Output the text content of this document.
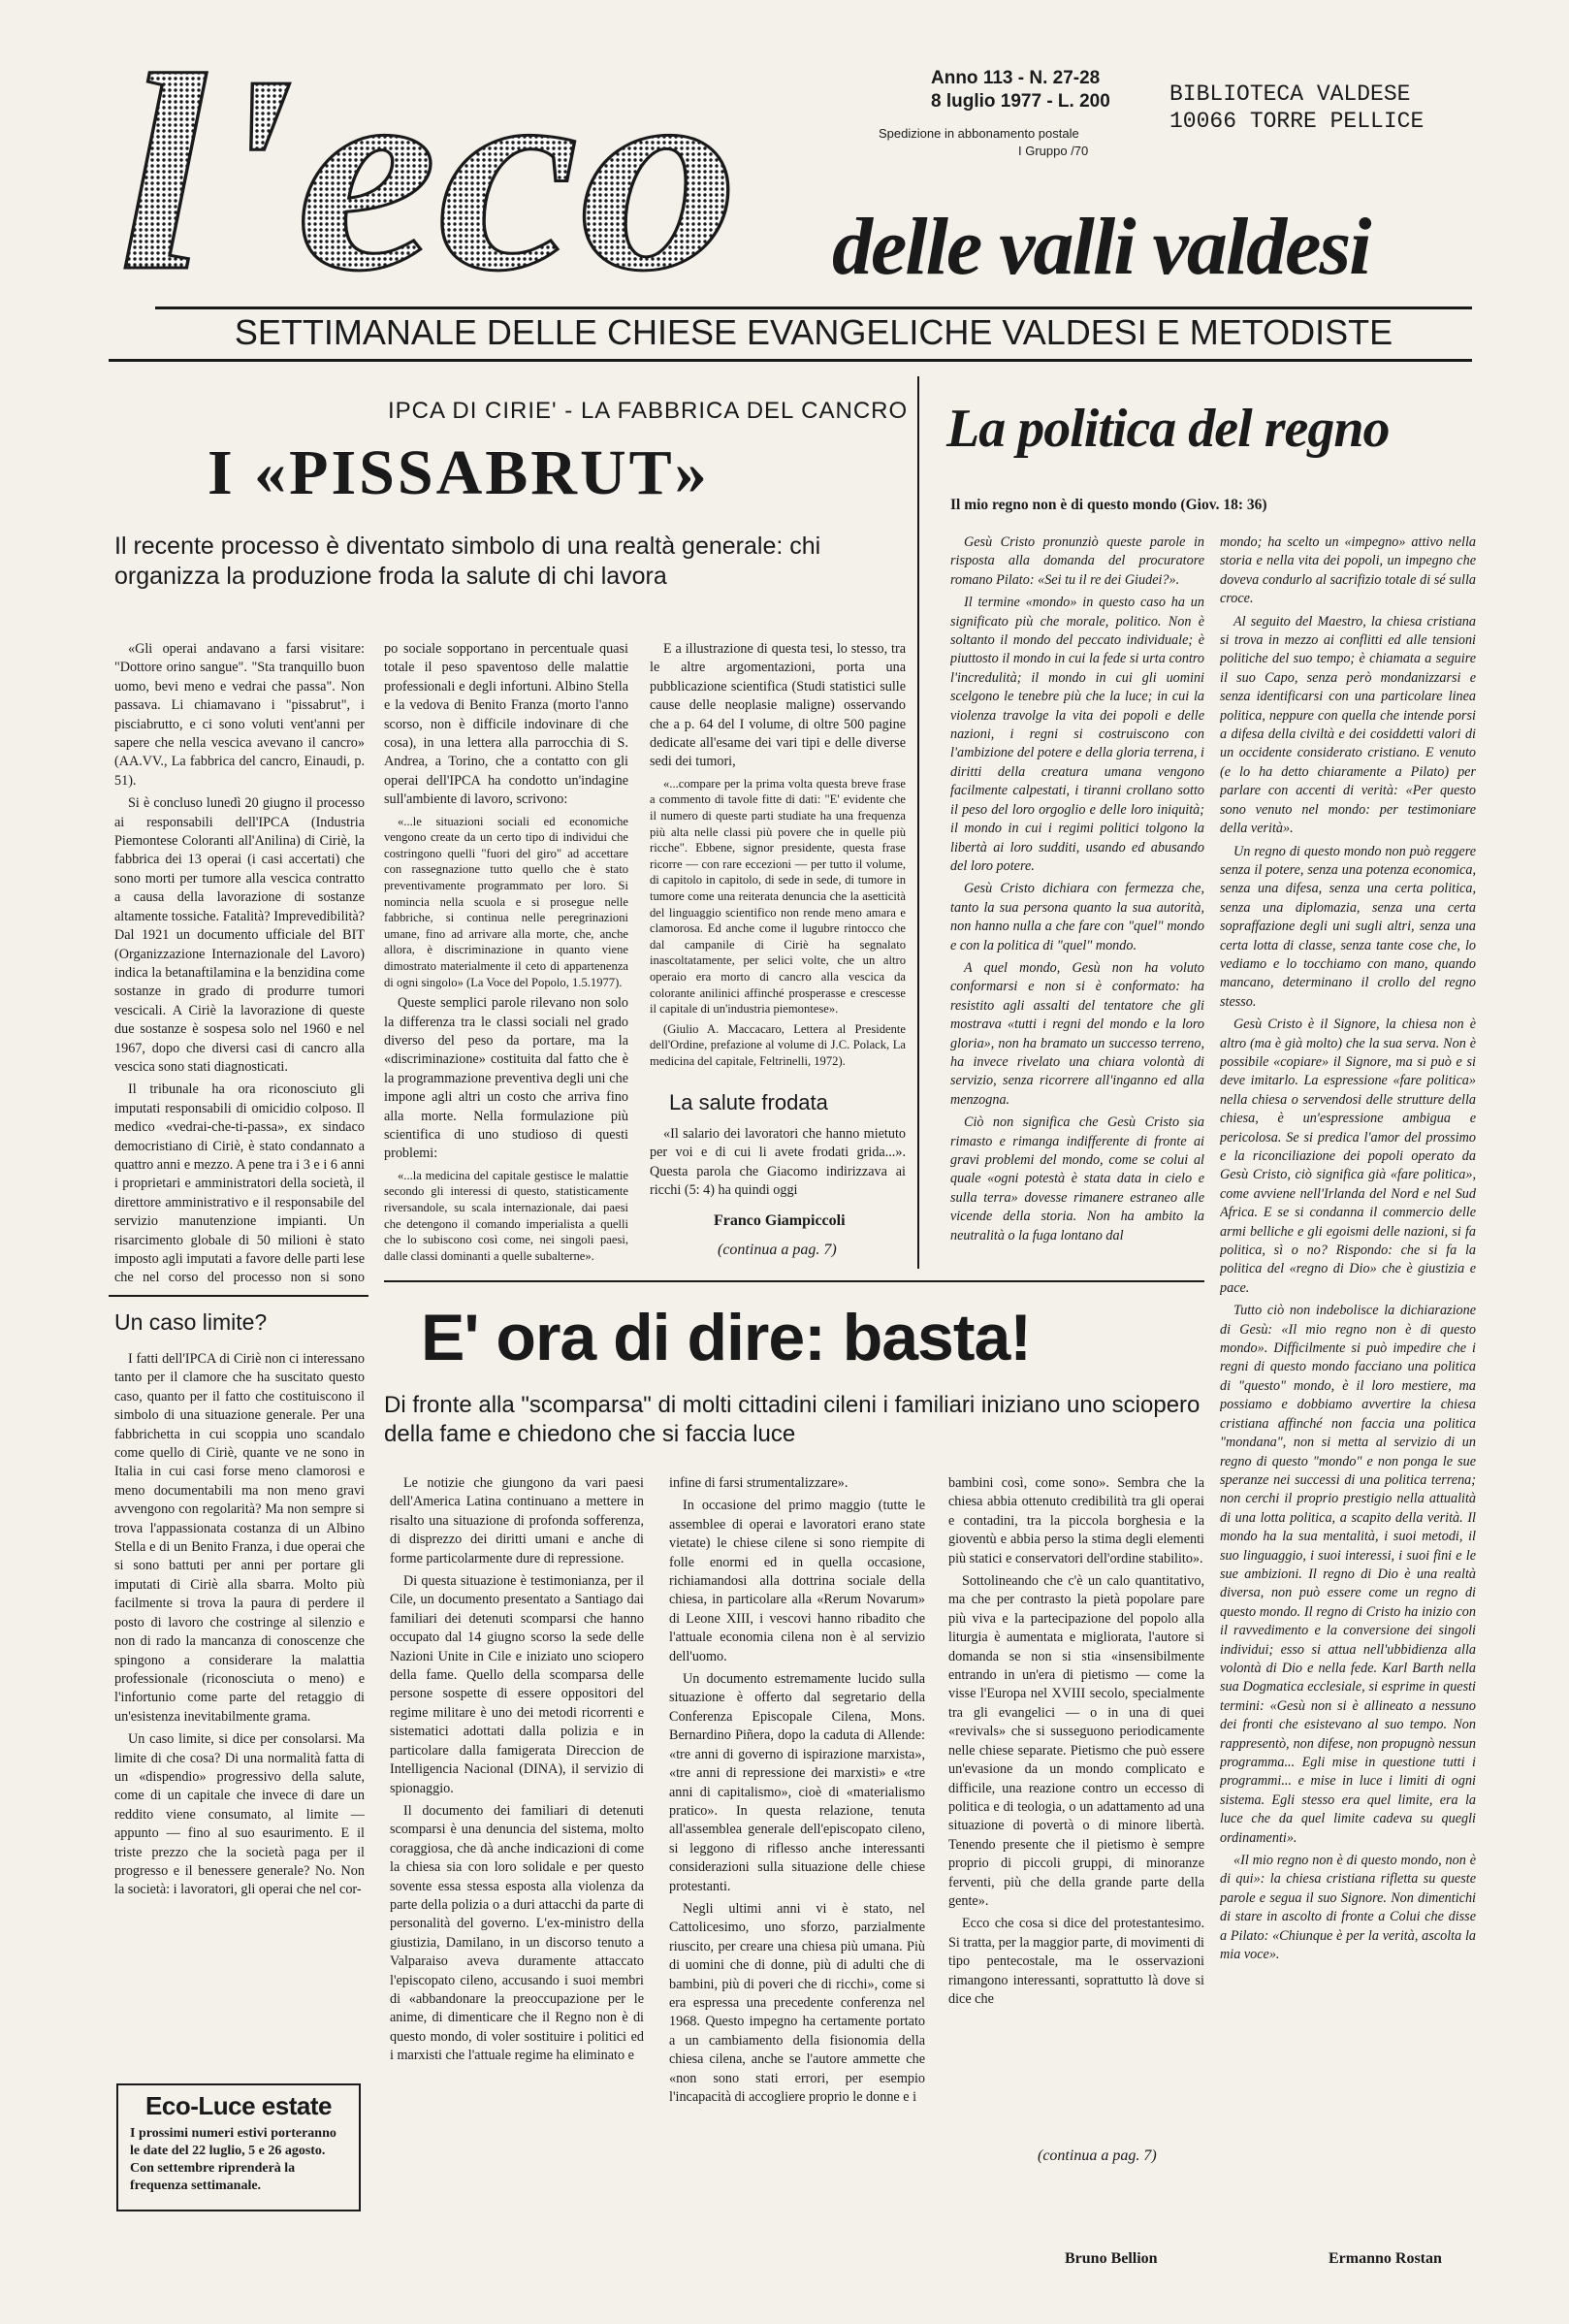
l'eco delle valli valdesi
Anno 113 - N. 27-28
8 luglio 1977 - L. 200
Spedizione in abbonamento postale
I Gruppo /70
BIBLIOTECA VALDESE
10066 TORRE PELLICE
SETTIMANALE DELLE CHIESE EVANGELICHE VALDESI E METODISTE
IPCA DI CIRIE' - LA FABBRICA DEL CANCRO
I «PISSABRUT»
Il recente processo è diventato simbolo di una realtà generale: chi organizza la produzione froda la salute di chi lavora

«Gli operai andavano a farsi visitare: "Dottore orino sangue". "Sta tranquillo buon uomo, bevi meno e vedrai che passa". Non passava. Li chiamavano i "pissabrut", i pisciabrutto, e ci sono voluti vent'anni per sapere che nella vescica avevano il cancro» (AA.VV., La fabbrica del cancro, Einaudi, p. 51).

Si è concluso lunedì 20 giugno il processo ai responsabili dell'IPCA (Industria Piemontese Coloranti all'Anilina) di Ciriè, la fabbrica dei 13 operai (i casi accertati) che sono morti per tumore alla vescica contratto a causa della lavorazione di sostanze altamente tossiche. Fatalità? Imprevedibilità? Dal 1921 un documento ufficiale del BIT (Organizzazione Internazionale del Lavoro) indica la betanaftilamina e la benzidina come sostanze in grado di produrre tumori vescicali. A Ciriè la lavorazione di queste due sostanze è sospesa solo nel 1960 e nel 1967, dopo che diversi casi di cancro alla vescica sono stati diagnosticati.

Il tribunale ha ora riconosciuto gli imputati responsabili di omicidio colposo. Il medico «vedrai-che-ti-passa», ex sindaco democristiano di Ciriè, è stato condannato a quattro anni e mezzo. A pene tra i 3 e i 6 anni i proprietari e amministratori della società, il direttore amministrativo e il responsabile del servizio manutenzione impianti. Un risarcimento globale di 50 milioni è stato imposto agli imputati a favore delle parti lese che nel corso del processo non si sono

po sociale sopportano in percentuale quasi totale il peso spaventoso delle malattie professionali e degli infortuni. Albino Stella e la vedova di Benito Franza (morto l'anno scorso, non è difficile indovinare di che cosa), in una lettera alla parrocchia di S. Andrea, a Torino, che a contatto con gli operai dell'IPCA ha condotto un'indagine sull'ambiente di lavoro, scrivono:

«...le situazioni sociali ed economiche vengono create da un certo tipo di individui che costringono quelli "fuori del giro" ad accettare con rassegnazione tutto quello che è stato preventivamente programmato per loro. Si nomincia nella scuola e si prosegue nelle fabbriche, si continua nelle peregrinazioni umane, fino ad arrivare alla morte, che, anche allora, è discriminazione in quanto viene dimostrato materialmente il ceto di appartenenza di ogni singolo» (La Voce del Popolo, 1.5.1977).

Queste semplici parole rilevano non solo la differenza tra le classi sociali nel grado diverso del peso da portare, ma la «discriminazione» costituita dal fatto che è la programmazione preventiva degli uni che impone agli altri un costo che arriva fino alla morte. Nella formulazione più scientifica di uno studioso di questi problemi:

«...la medicina del capitale gestisce le malattie secondo gli interessi di questo, statisticamente riversandole, su scala internazionale, dai paesi che detengono il comando imperialista a quelli che lo subiscono così come, nei singoli paesi, dalle classi dominanti a quelle subalterne».

E a illustrazione di questa tesi, lo stesso, tra le altre argomentazioni, porta una pubblicazione scientifica (Studi statistici sulle cause delle neoplasie maligne) osservando che a p. 64 del I volume, di oltre 500 pagine dedicate all'esame dei vari tipi e delle diverse sedi dei tumori,

«...compare per la prima volta questa breve frase a commento di tavole fitte di dati: "E' evidente che il numero di queste parti studiate ha una frequenza più alta nelle classi più povere che in quelle più ricche". Ebbene, signor presidente, questa frase ricorre — con rare eccezioni — per tutto il volume, di capitolo in capitolo, di sede in sede, di tumore in tumore come una reiterata denuncia che la asetticità del linguaggio scientifico non rende meno amara e clamorosa. Ed anche come il lugubre rintocco che dal campanile di Ciriè ha segnalato inascoltatamente, per selici volte, che un altro operaio era morto di cancro alla vescica da colorante anilinici affinché prosperasse e crescesse il capitale di un'industria piemontese».

(Giulio A. Maccacaro, Lettera al Presidente dell'Ordine, prefazione al volume di J.C. Polack, La medicina del capitale, Feltrinelli, 1972).

La salute frodata

«Il salario dei lavoratori che hanno mietuto per voi e di cui li avete frodati grida...». Questa parola che Giacomo indirizzava ai ricchi (5: 4) ha quindi oggi

Franco Giampiccoli
(continua a pag. 7)
La politica del regno
Il mio regno non è di questo mondo (Giov. 18: 36)

Gesù Cristo pronunziò queste parole in risposta alla domanda del procuratore romano Pilato: «Sei tu il re dei Giudei?».

Il termine «mondo» in questo caso ha un significato più che morale, politico. Non è soltanto il mondo del peccato individuale; è piuttosto il mondo in cui la fede si urta contro l'incredulità; il mondo in cui gli uomini scelgono le tenebre più che la luce; in cui la violenza travolge la vita dei popoli e delle nazioni, i regni si costruiscono con l'ambizione del potere e della gloria terrena, i diritti della creatura umana vengono facilmente calpestati, i tiranni crollano sotto il peso del loro orgoglio e delle loro iniquità; il mondo in cui i regimi politici tolgono la libertà ai loro sudditi, usando ed abusando del loro potere.

Gesù Cristo dichiara con fermezza che, tanto la sua persona quanto la sua autorità, non hanno nulla a che fare con "quel" mondo e con la politica di "quel" mondo.

A quel mondo, Gesù non ha voluto conformarsi e non si è conformato: ha resistito agli assalti del tentatore che gli mostrava «tutti i regni del mondo e la loro gloria», non ha bramato un successo terreno, ha invece rivelato una chiara volontà di servizio, senza ricorrere all'inganno ed alla menzogna.

Ciò non significa che Gesù Cristo sia rimasto e rimanga indifferente di fronte ai gravi problemi del mondo, come se colui al quale «ogni potestà è stata data in cielo e sulla terra» dovesse rimanere estraneo alle vicende della storia. Non ha ambito la neutralità o la fuga lontano dal

mondo; ha scelto un «impegno» attivo nella storia e nella vita dei popoli, un impegno che doveva condurlo al sacrifizio totale di sé sulla croce.

Al seguito del Maestro, la chiesa cristiana si trova in mezzo ai conflitti ed alle tensioni politiche del suo tempo; è chiamata a seguire il suo Capo, senza però mondanizzarsi e senza identificarsi con una particolare linea politica, neppure con quella che intende porsi a difesa della civiltà e dei cosiddetti valori di un occidente considerato cristiano. E venuto (e lo ha detto chiaramente a Pilato) per parlare con accenti di verità: «Per questo sono venuto nel mondo: per testimoniare della verità».

Un regno di questo mondo non può reggere senza il potere, senza una potenza economica, senza una difesa, senza una certa politica, senza una diplomazia, senza una certa sopraffazione degli uni sugli altri, senza una certa lotta di classe, senza tante cose che, lo vediamo e lo tocchiamo con mano, quando mancano, determinano il crollo del regno stesso.

Gesù Cristo è il Signore, la chiesa non è altro (ma è già molto) che la sua serva. Non è possibile «copiare» il Signore, ma si può e si deve imitarlo. La espressione «fare politica» nella chiesa o servendosi delle strutture della chiesa, è un'espressione ambigua e pericolosa. Se si predica l'amor del prossimo e la riconciliazione dei popoli operato da Gesù Cristo, ciò significa già «fare politica», come avviene nell'Irlanda del Nord e nel Sud Africa. E se si condanna il commercio delle armi belliche e gli egoismi delle nazioni, si fa politica, sì o no? Rispondo: che si fa la politica del «regno di Dio» che è giustizia e pace.

Tutto ciò non indebolisce la dichiarazione di Gesù: «Il mio regno non è di questo mondo». Difficilmente si può impedire che i regni di questo mondo facciano una politica di "questo" mondo, è il loro mestiere, ma possiamo e dobbiamo avvertire la chiesa cristiana affinché non faccia una politica "mondana", non si metta al servizio di un regno di questo "mondo" e non ponga le sue speranze nei successi di una politica terrena; non cerchi il proprio prestigio nella attualità di una lotta politica, a scapito della verità. Il mondo ha la sua mentalità, i suoi metodi, il suo linguaggio, i suoi interessi, i suoi fini e le sue ambizioni. Il regno di Dio è una realtà diversa, non può essere come un regno di questo mondo. Il regno di Cristo ha inizio con il ravvedimento e la conversione dei singoli individui; esso si attua nell'ubbidienza alla volontà di Dio e nella fede. Karl Barth nella sua Dogmatica ecclesiale, si esprime in questi termini: «Gesù non si è allineato a nessuno dei fronti che esistevano al suo tempo. Non rappresentò, non difese, non propugnò nessun programma... Egli mise in questione tutti i programmi... e mise in luce i limiti di ogni sistema. Egli stesso era quel limite, era la luce che da quel limite cadeva su quegli ordinamenti».

«Il mio regno non è di questo mondo, non è di qui»: la chiesa cristiana rifletta su queste parole e segua il suo Signore. Non dimentichi di stare in ascolto di fronte a Colui che disse a Pilato: «Chiunque è per la verità, ascolta la mia voce».

Ermanno Rostan
Un caso limite?

I fatti dell'IPCA di Ciriè non ci interessano tanto per il clamore che ha suscitato questo caso, quanto per il fatto che costituiscono il simbolo di una situazione generale. Per una fabbrichetta in cui scoppia uno scandalo come quello di Ciriè, quante ve ne sono in Italia in cui casi forse meno clamorosi e meno documentabili ma non meno gravi avvengono con regolarità? Ma non sempre si trova l'appassionata costanza di un Albino Stella e di un Benito Franza, i due operai che si sono battuti per anni per portare gli imputati di Ciriè alla sbarra. Molto più facilmente si trova la paura di perdere il posto di lavoro che costringe al silenzio e non di rado la mancanza di conoscenze che spingono a considerare la malattia professionale (riconosciuta o meno) e l'infortunio come parte del retaggio di un'esistenza inevitabilmente grama.

Un caso limite, si dice per consolarsi. Ma limite di che cosa? Di una normalità fatta di un «dispendio» progressivo della salute, come di un capitale che invece di dare un reddito viene consumato, al limite — appunto — fino al suo esaurimento. E il triste prezzo che la società paga per il progresso e il benessere generale? No. Non la società: i lavoratori, gli operai che nel cor-

Eco-Luce estate
I prossimi numeri estivi porteranno le date del 22 luglio, 5 e 26 agosto. Con settembre riprenderà la frequenza settimanale.
E' ora di dire: basta!
Di fronte alla "scomparsa" di molti cittadini cileni i familiari iniziano uno sciopero della fame e chiedono che si faccia luce

Le notizie che giungono da vari paesi dell'America Latina continuano a mettere in risalto una situazione di profonda sofferenza, di disprezzo dei diritti umani e anche di forme particolarmente dure di repressione.

Di questa situazione è testimonianza, per il Cile, un documento presentato a Santiago dai familiari dei detenuti scomparsi che hanno occupato dal 14 giugno scorso la sede delle Nazioni Unite in Cile e iniziato uno sciopero della fame. Quello della scomparsa delle persone sospette di essere oppositori del regime militare è uno dei metodi ricorrenti e sistematici adottati dalla polizia e in particolare dalla famigerata Direccion de Intelligencia Nacional (DINA), il servizio di spionaggio.

Il documento dei familiari di detenuti scomparsi è una denuncia del sistema, molto coraggiosa, che dà anche indicazioni di come la chiesa sia con loro solidale e per questo sovente essa stessa esposta alla violenza da parte della polizia o a duri attacchi da parte di personalità del governo. L'ex-ministro della giustizia, Damilano, in un discorso tenuto a Valparaiso aveva duramente attaccato l'episcopato cileno, accusando i suoi membri di «abbandonare la preoccupazione per le anime, di dimenticare che il Regno non è di questo mondo, di voler sostituire i politici ed i marxisti che l'attuale regime ha eliminato e

infine di farsi strumentalizzare».

In occasione del primo maggio (tutte le assemblee di operai e lavoratori erano state vietate) le chiese cilene si sono riempite di folle enormi ed in quella occasione, richiamandosi alla dottrina sociale della chiesa, in particolare alla «Rerum Novarum» di Leone XIII, i vescovi hanno ribadito che l'attuale economia cilena non è al servizio dell'uomo.

Un documento estremamente lucido sulla situazione è offerto dal segretario della Conferenza Episcopale Cilena, Mons. Bernardino Piñera, dopo la caduta di Allende: «tre anni di governo di ispirazione marxista», «tre anni di repressione dei marxisti» e «tre anni di capitalismo», cioè di «materialismo pratico». In questa relazione, tenuta all'assemblea generale dell'episcopato cileno, si leggono di riflesso anche interessanti considerazioni sulla situazione delle chiese protestanti.

Negli ultimi anni vi è stato, nel Cattolicesimo, uno sforzo, parzialmente riuscito, per creare una chiesa più umana. Più di uomini che di donne, più di adulti che di bambini, più di poveri che di ricchi», come si era espressa una precedente conferenza nel 1968. Questo impegno ha certamente portato a un cambiamento della fisionomia della chiesa cilena, anche se l'autore ammette che «non sono stati errori, per esempio l'incapacità di accogliere proprio le donne e i

bambini così, come sono». Sembra che la chiesa abbia ottenuto credibilità tra gli operai e contadini, tra la piccola borghesia e la gioventù e abbia perso la stima degli elementi più statici e conservatori dell'ordine stabilito».

Sottolineando che c'è un calo quantitativo, ma che per contrasto la pietà popolare pare più viva e la partecipazione del popolo alla liturgia è aumentata e migliorata, l'autore si domanda se non si stia «insensibilmente entrando in un'era di pietismo — come la visse l'Europa nel XVIII secolo, specialmente tra gli evangelici — o in una di quei «revivals» che si susseguono periodicamente nelle chiese separate. Pietismo che può essere un'evasione da un mondo complicato e difficile, una reazione contro un eccesso di politica e di teologia, o un adattamento ad una situazione di povertà o di minore libertà. Tenendo presente che il pietismo è sempre proprio di piccoli gruppi, di minoranze ferventi, più che della grande parte della gente».

Ecco che cosa si dice del protestantesimo. Si tratta, per la maggior parte, di movimenti di tipo pentecostale, ma le osservazioni rimangono interessanti, soprattutto là dove si dice che

(continua a pag. 7)
Bruno Bellion
